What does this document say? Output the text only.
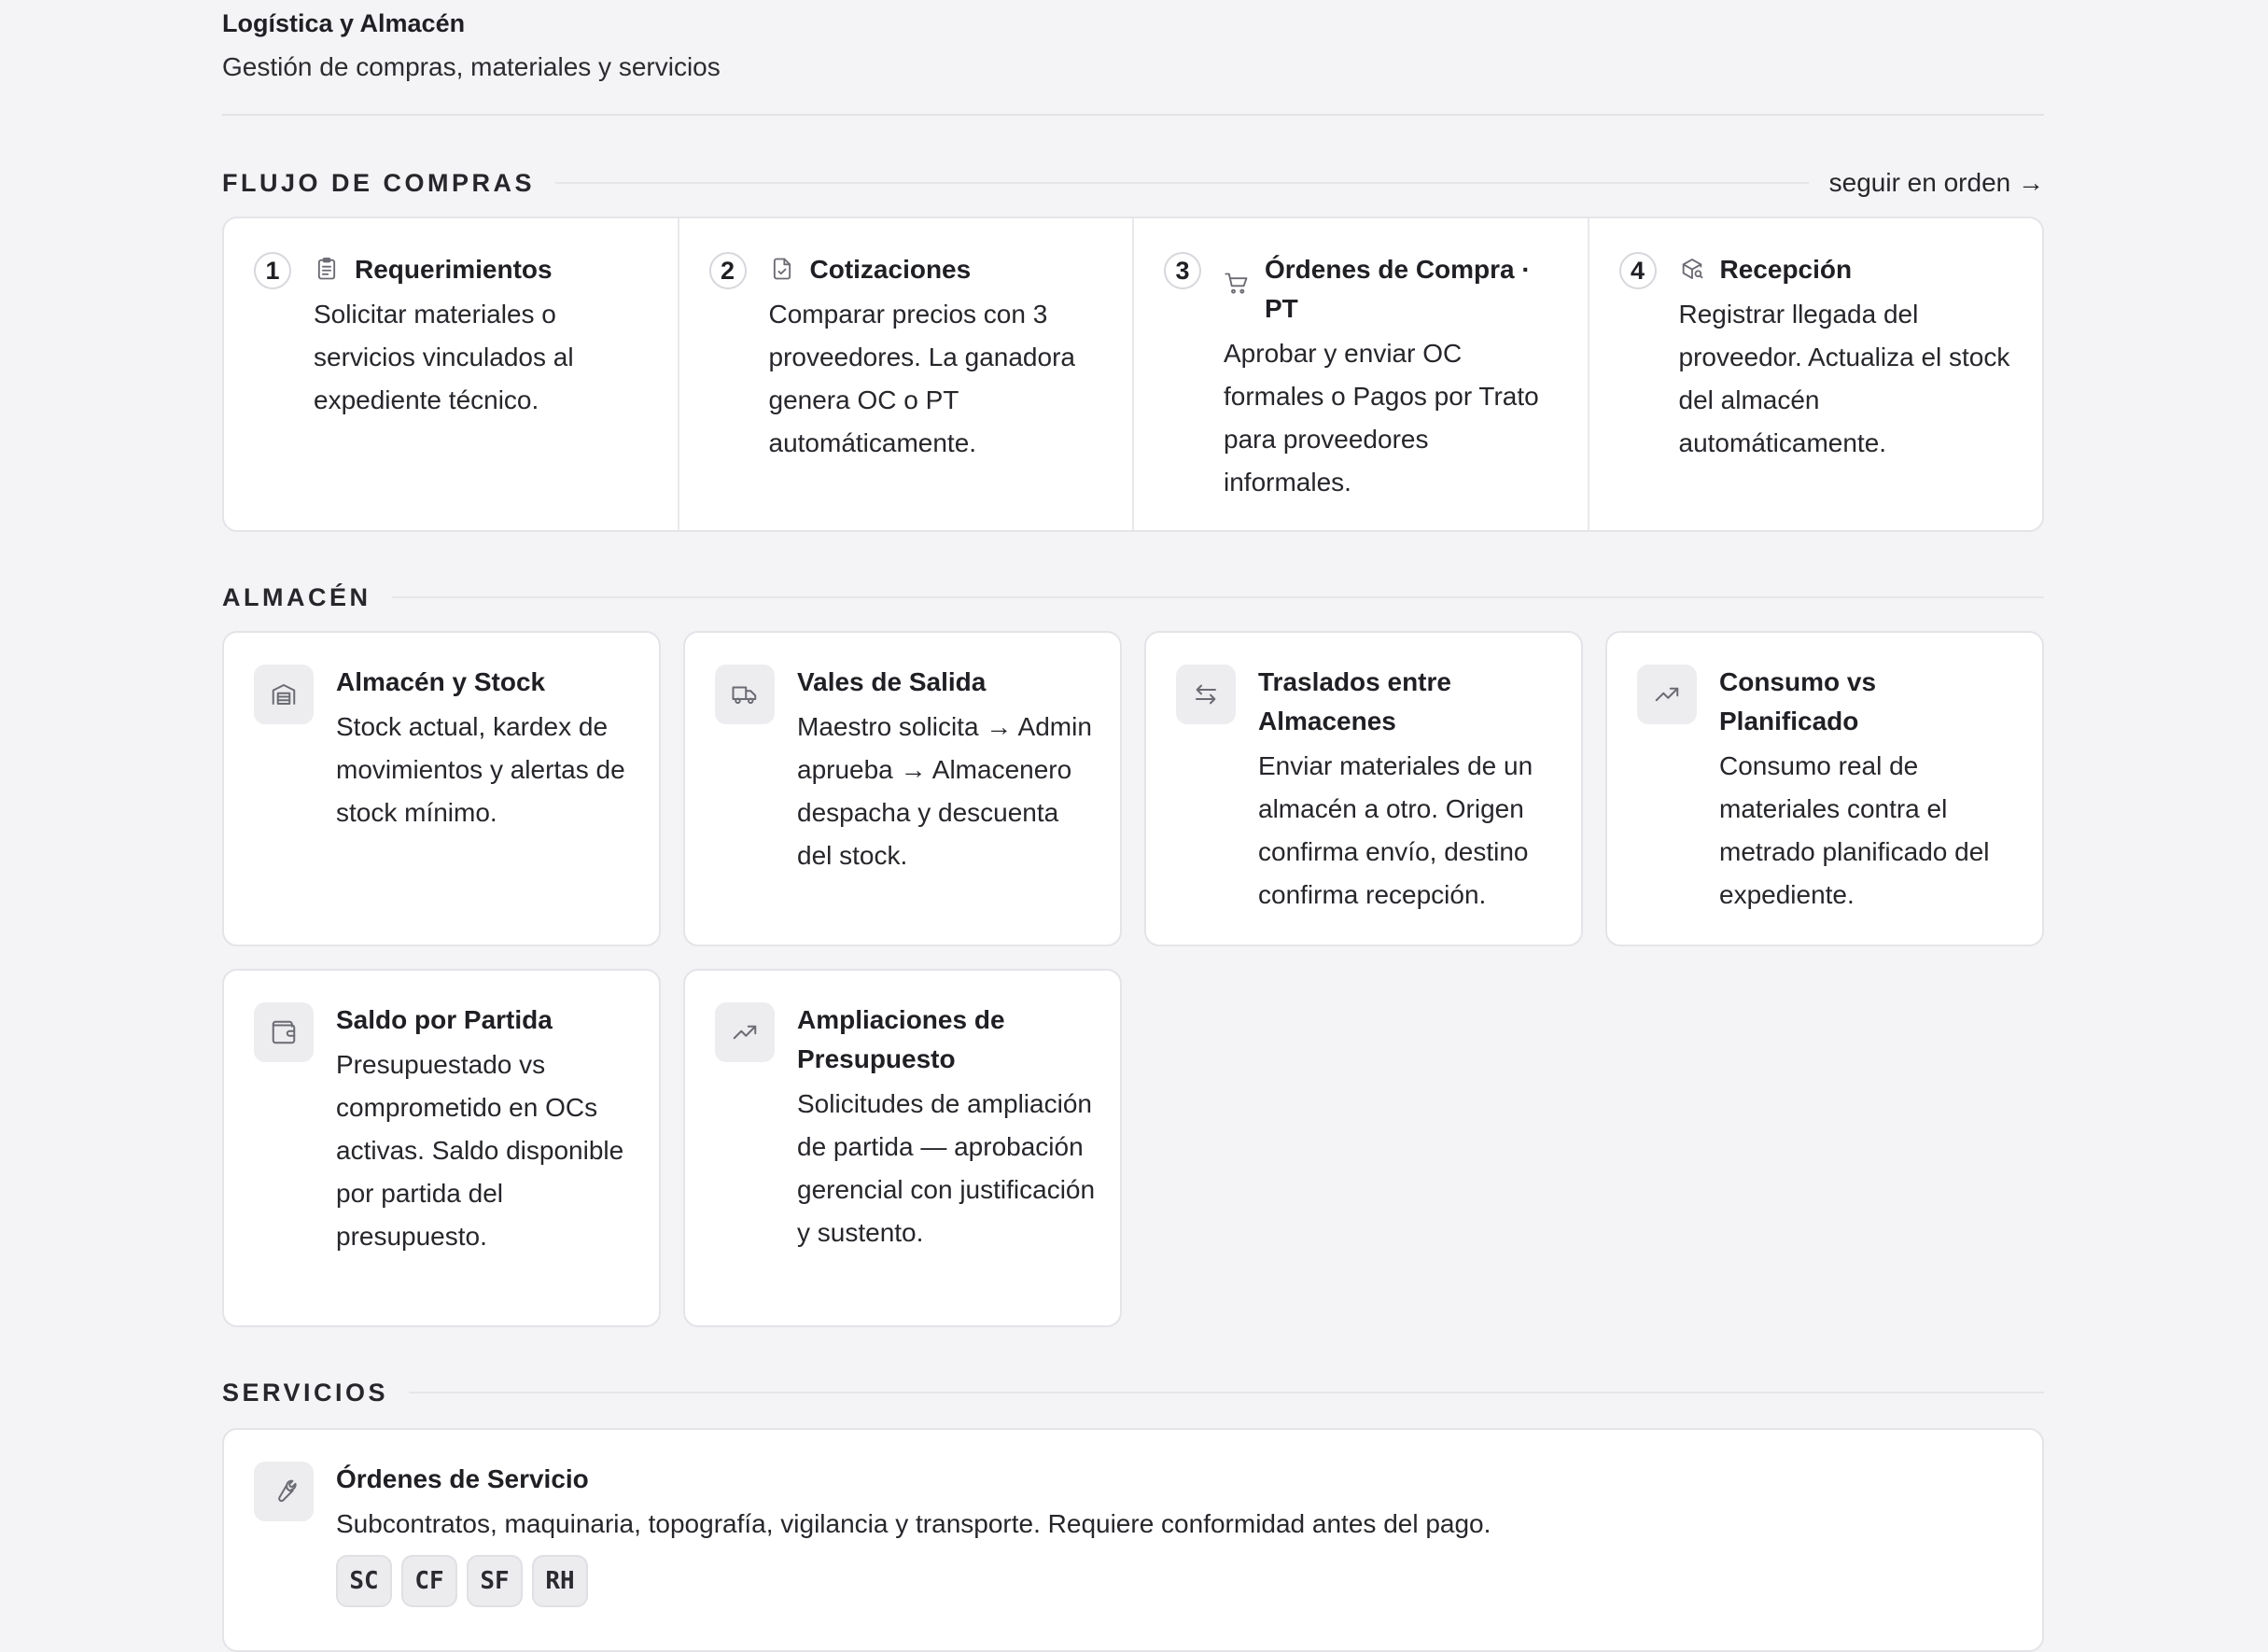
Logística y Almacén
Gestión de compras, materiales y servicios
FLUJO DE COMPRAS	seguir en orden →
1	Requerimientos
Solicitar materiales o servicios vinculados al expediente técnico.
2	Cotizaciones
Comparar precios con 3 proveedores. La ganadora genera OC o PT automáticamente.
3	Órdenes de Compra · PT
Aprobar y enviar OC formales o Pagos por Trato para proveedores informales.
4	Recepción
Registrar llegada del proveedor. Actualiza el stock del almacén automáticamente.
ALMACÉN
Almacén y Stock
Stock actual, kardex de movimientos y alertas de stock mínimo.
Vales de Salida
Maestro solicita → Admin aprueba → Almacenero despacha y descuenta del stock.
Traslados entre Almacenes
Enviar materiales de un almacén a otro. Origen confirma envío, destino confirma recepción.
Consumo vs Planificado
Consumo real de materiales contra el metrado planificado del expediente.
Saldo por Partida
Presupuestado vs comprometido en OCs activas. Saldo disponible por partida del presupuesto.
Ampliaciones de Presupuesto
Solicitudes de ampliación de partida — aprobación gerencial con justificación y sustento.
SERVICIOS
Órdenes de Servicio
Subcontratos, maquinaria, topografía, vigilancia y transporte. Requiere conformidad antes del pago.
SC	CF	SF	RH
